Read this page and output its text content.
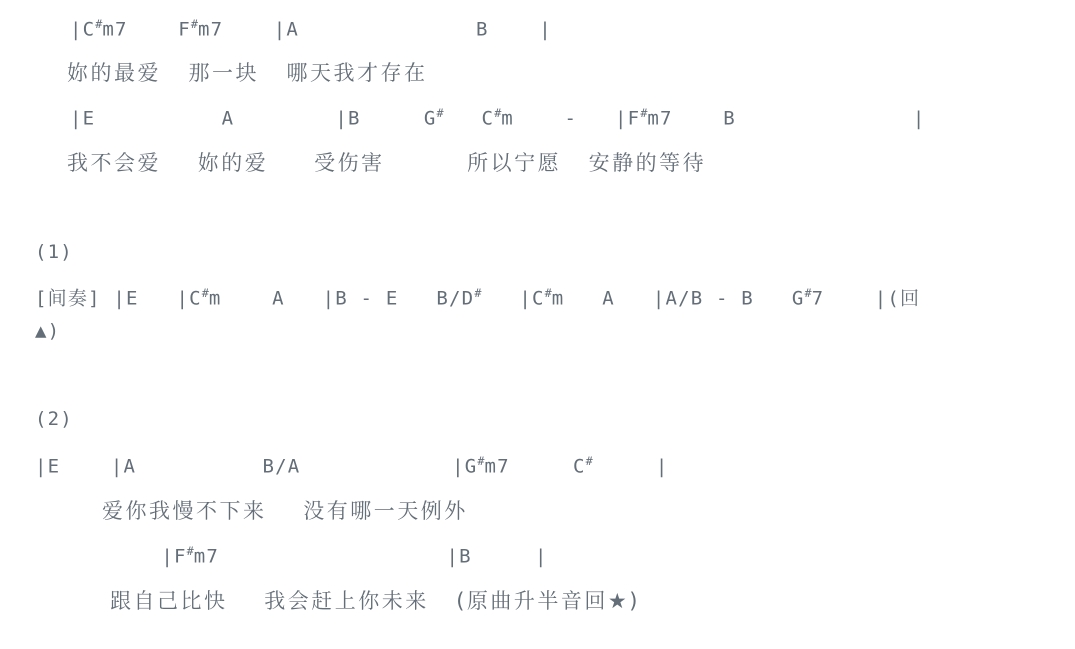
|C#m7    F#m7    |A              B    |
妳的最爱   那一块   哪天我才存在
|E          A        |B     G#   C#m    -   |F#m7    B              |
我不会爱    妳的爱     受伤害         所以宁愿   安静的等待
(1)
[间奏] |E   |C#m    A   |B - E   B/D#   |C#m   A   |A/B - B   G#7    |(回
▲)
(2)
|E    |A          B/A            |G#m7     C#     |
爱你我慢不下来    没有哪一天例外
|F#m7                  |B     |
跟自己比快    我会赶上你未来   (原曲升半音回★)
